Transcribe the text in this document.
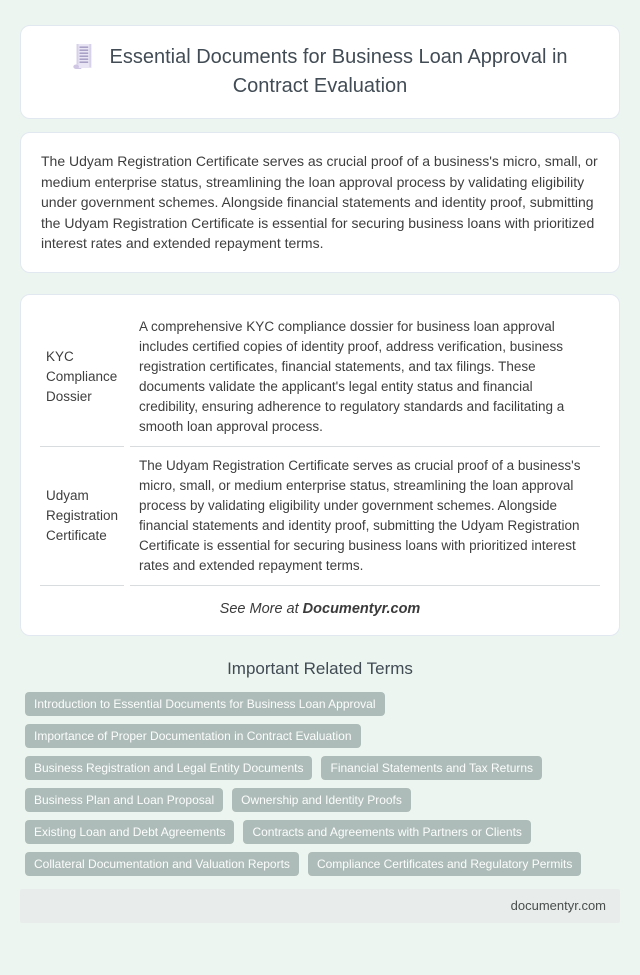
Essential Documents for Business Loan Approval in Contract Evaluation

The Udyam Registration Certificate serves as crucial proof of a business's micro, small, or medium enterprise status, streamlining the loan approval process by validating eligibility under government schemes. Alongside financial statements and identity proof, submitting the Udyam Registration Certificate is essential for securing business loans with prioritized interest rates and extended repayment terms.

KYC Compliance Dossier	A comprehensive KYC compliance dossier for business loan approval includes certified copies of identity proof, address verification, business registration certificates, financial statements, and tax filings. These documents validate the applicant's legal entity status and financial credibility, ensuring adherence to regulatory standards and facilitating a smooth loan approval process.
Udyam Registration Certificate	The Udyam Registration Certificate serves as crucial proof of a business's micro, small, or medium enterprise status, streamlining the loan approval process by validating eligibility under government schemes. Alongside financial statements and identity proof, submitting the Udyam Registration Certificate is essential for securing business loans with prioritized interest rates and extended repayment terms.
See More at Documentyr.com
Important Related Terms
Introduction to Essential Documents for Business Loan Approval
Importance of Proper Documentation in Contract Evaluation
Business Registration and Legal Entity Documents	Financial Statements and Tax Returns
Business Plan and Loan Proposal	Ownership and Identity Proofs
Existing Loan and Debt Agreements	Contracts and Agreements with Partners or Clients
Collateral Documentation and Valuation Reports	Compliance Certificates and Regulatory Permits
documentyr.com
